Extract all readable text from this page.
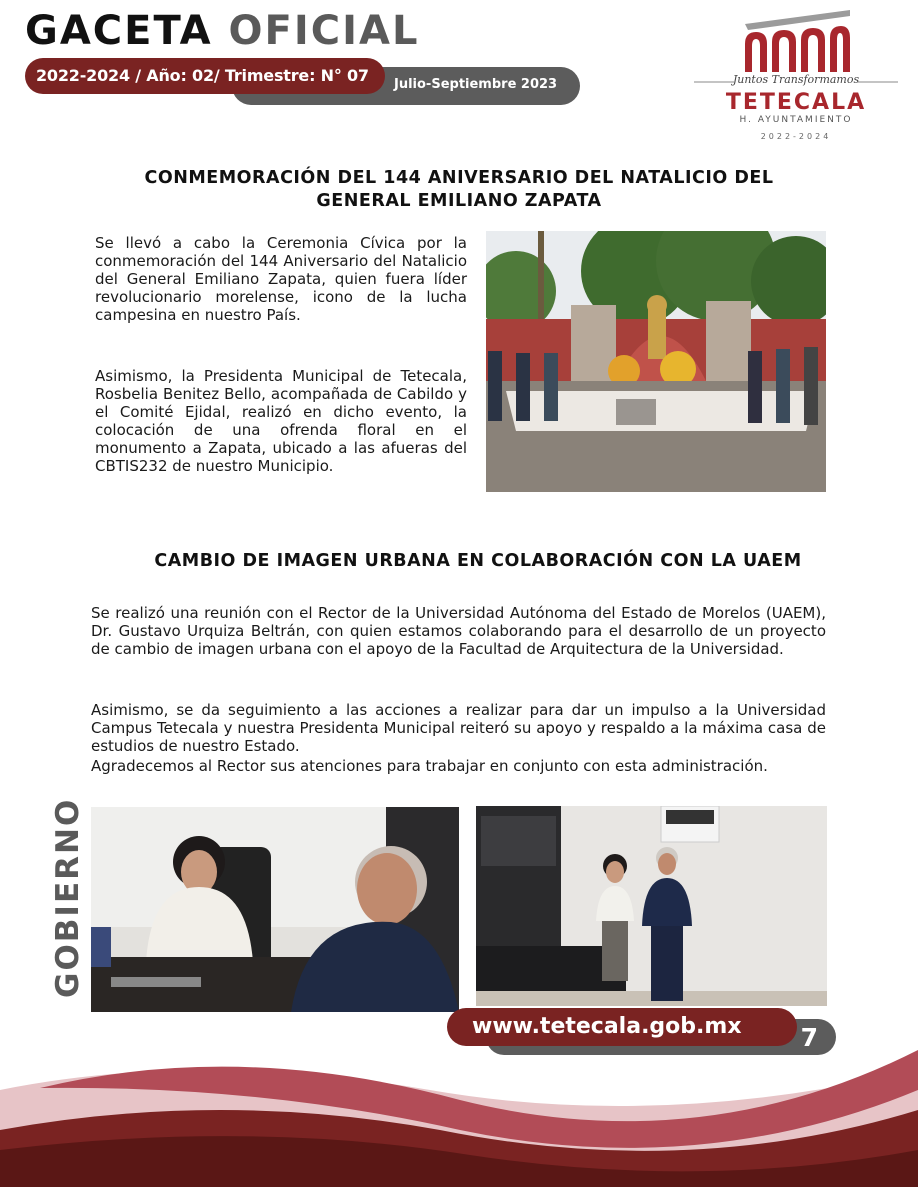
GACETA OFICIAL
Julio-Septiembre 2023
2022-2024 / Año: 02/ Trimestre: N° 07	Juntos Transformamos
TETECALA
H. AYUNTAMIENTO
2022-2024
CONMEMORACIÓN DEL 144 ANIVERSARIO DEL NATALICIO DEL
GENERAL EMILIANO ZAPATA

Se llevó a cabo la Ceremonia Cívica por la conmemoración del 144 Aniversario del Natalicio del General Emiliano Zapata, quien fuera líder revolucionario morelense, icono de la lucha campesina en nuestro País.

Asimismo, la Presidenta Municipal de Tetecala, Rosbelia Benitez Bello, acompañada de Cabildo y el Comité Ejidal, realizó en dicho evento, la colocación de una ofrenda floral en el monumento a Zapata, ubicado a las afueras del CBTIS232 de nuestro Municipio.

CAMBIO DE IMAGEN URBANA EN COLABORACIÓN CON LA UAEM

Se realizó una reunión con el Rector de la Universidad Autónoma del Estado de Morelos (UAEM), Dr. Gustavo Urquiza Beltrán, con quien estamos colaborando para el desarrollo de un proyecto de cambio de imagen urbana con el apoyo de la Facultad de Arquitectura de la Universidad.

Asimismo, se da seguimiento a las acciones a realizar para dar un impulso a la Universidad Campus Tetecala y nuestra Presidenta Municipal reiteró su apoyo y respaldo a la máxima casa de estudios de nuestro Estado.

Agradecemos al Rector sus atenciones para trabajar en conjunto con esta administración.

GOBIERNO
7
www.tetecala.gob.mx
